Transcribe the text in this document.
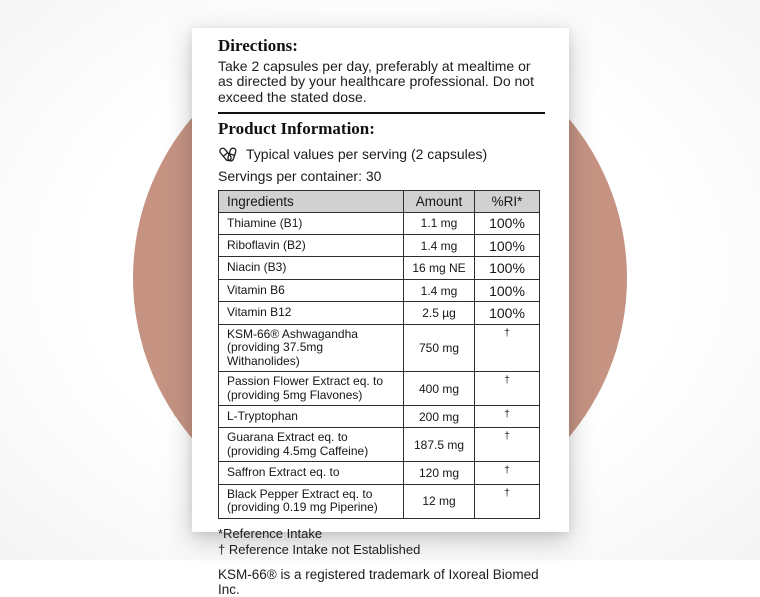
Directions:

Take 2 capsules per day, preferably at mealtime or as directed by your healthcare professional. Do not exceed the stated dose.

Product Information:
Typical values per serving (2 capsules)
Servings per container: 30
Ingredients	Amount	%RI*
Thiamine (B1)	1.1 mg	100%
Riboflavin (B2)	1.4 mg	100%
Niacin (B3)	16 mg NE	100%
Vitamin B6	1.4 mg	100%
Vitamin B12	2.5 µg	100%

KSM-66® Ashwagandha
(providing 37.5mg Withanolides)	750 mg	†

Passion Flower Extract eq. to
(providing 5mg Flavones)	400 mg	†
L-Tryptophan	200 mg	†

Guarana Extract eq. to
(providing 4.5mg Caffeine)	187.5 mg	†
Saffron Extract eq. to	120 mg	†

Black Pepper Extract eq. to
(providing 0.19 mg Piperine)	12 mg	†
*Reference Intake
† Reference Intake not Established
KSM-66® is a registered trademark of Ixoreal Biomed Inc.
